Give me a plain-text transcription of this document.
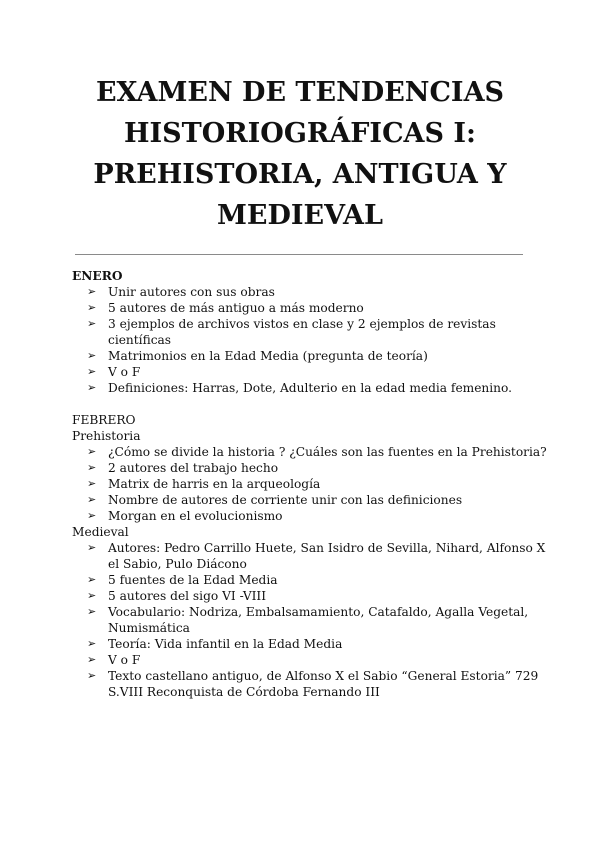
EXAMEN DE TENDENCIAS
HISTORIOGRÁFICAS I:
PREHISTORIA, ANTIGUA Y
MEDIEVAL
ENERO
➢ Unir autores con sus obras
➢ 5 autores de más antiguo a más moderno
➢ 3 ejemplos de archivos vistos en clase y 2 ejemplos de revistas científicas
➢ Matrimonios en la Edad Media (pregunta de teoría)
➢ V o F
➢ Definiciones: Harras, Dote, Adulterio en la edad media femenino.
FEBRERO
Prehistoria
➢ ¿Cómo se divide la historia ? ¿Cuáles son las fuentes en la Prehistoria?
➢ 2 autores del trabajo hecho
➢ Matrix de harris en la arqueología
➢ Nombre de autores de corriente unir con las definiciones
➢ Morgan en el evolucionismo
Medieval
➢ Autores: Pedro Carrillo Huete, San Isidro de Sevilla, Nihard, Alfonso X el Sabio, Pulo Diácono
➢ 5 fuentes de la Edad Media
➢ 5 autores del sigo VI -VIII
➢ Vocabulario: Nodriza, Embalsamamiento, Catafaldo, Agalla Vegetal, Numismática
➢ Teoría: Vida infantil en la Edad Media
➢ V o F
➢ Texto castellano antiguo, de Alfonso X el Sabio “General Estoria” 729 S.VIII Reconquista de Córdoba Fernando III
